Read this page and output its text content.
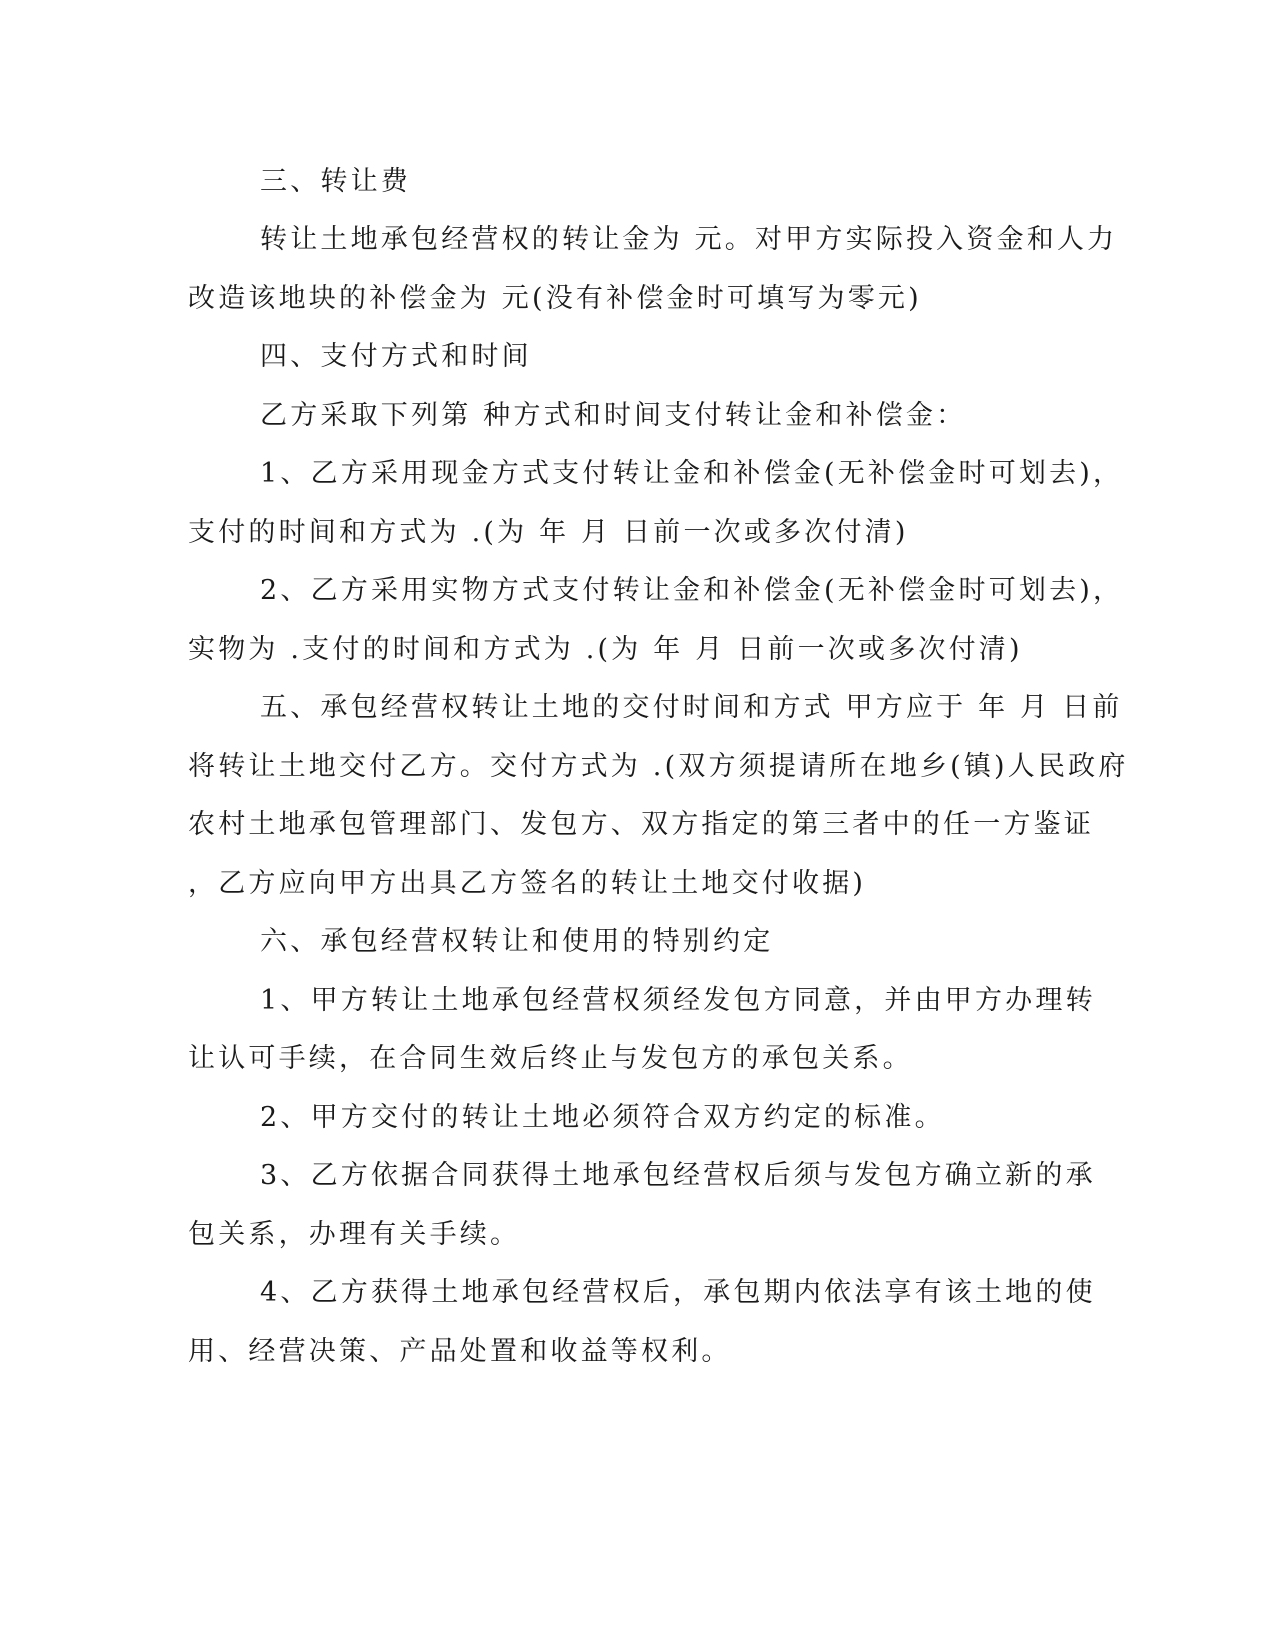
三、转让费
转让土地承包经营权的转让金为 元。对甲方实际投入资金和人力
改造该地块的补偿金为 元(没有补偿金时可填写为零元)
四、支付方式和时间
乙方采取下列第 种方式和时间支付转让金和补偿金：
1、乙方采用现金方式支付转让金和补偿金(无补偿金时可划去)，
支付的时间和方式为 .(为 年 月 日前一次或多次付清)
2、乙方采用实物方式支付转让金和补偿金(无补偿金时可划去)，
实物为 .支付的时间和方式为 .(为 年 月 日前一次或多次付清)
五、承包经营权转让土地的交付时间和方式 甲方应于 年 月 日前
将转让土地交付乙方。交付方式为 .(双方须提请所在地乡(镇)人民政府
农村土地承包管理部门、发包方、双方指定的第三者中的任一方鉴证
，乙方应向甲方出具乙方签名的转让土地交付收据)
六、承包经营权转让和使用的特别约定
1、甲方转让土地承包经营权须经发包方同意，并由甲方办理转
让认可手续，在合同生效后终止与发包方的承包关系。
2、甲方交付的转让土地必须符合双方约定的标准。
3、乙方依据合同获得土地承包经营权后须与发包方确立新的承
包关系，办理有关手续。
4、乙方获得土地承包经营权后，承包期内依法享有该土地的使
用、经营决策、产品处置和收益等权利。
